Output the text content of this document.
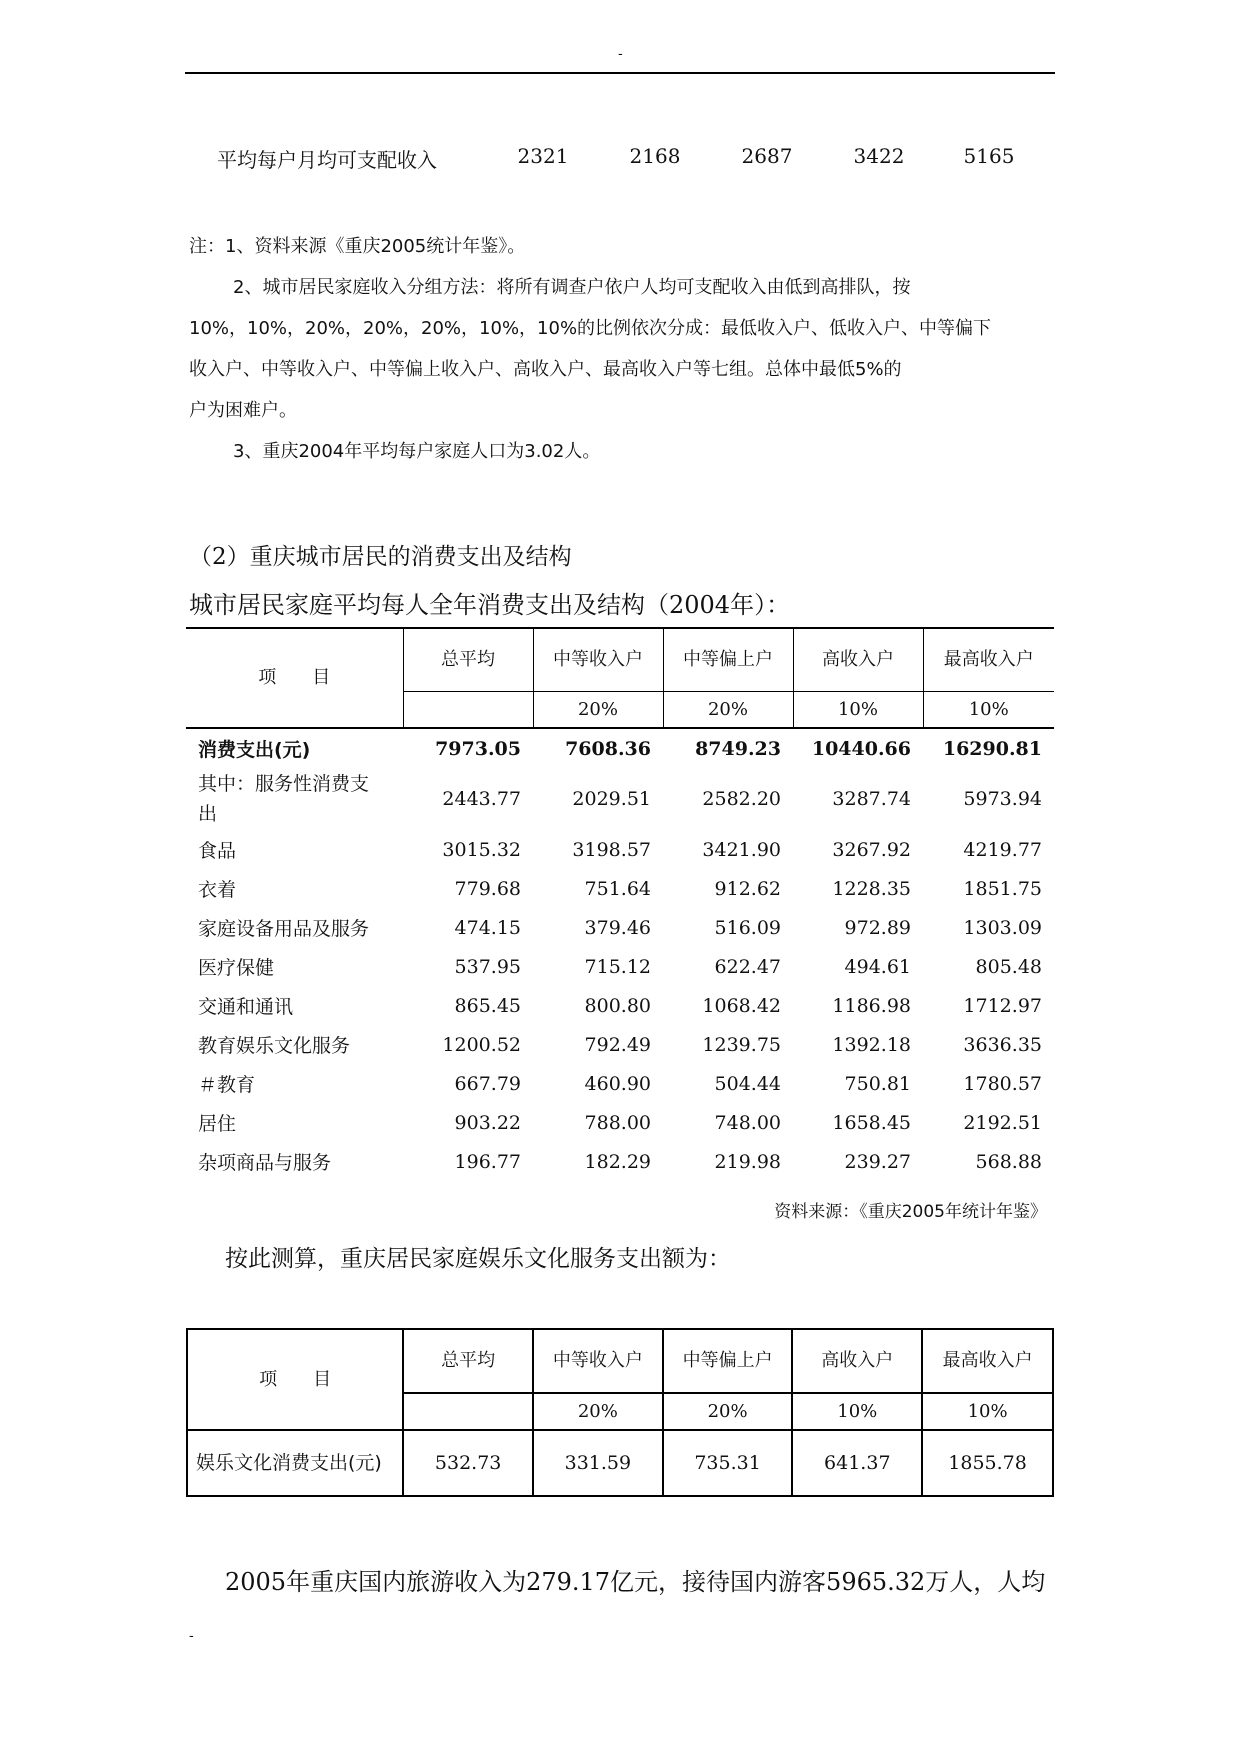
-
平均每户月均可支配收入	2321	2168	2687	3422	5165

注：1、资料来源《重庆2005统计年鉴》。

2、城市居民家庭收入分组方法：将所有调查户依户人均可支配收入由低到高排队，按

10%，10%，20%，20%，20%，10%，10%的比例依次分成：最低收入户、低收入户、中等偏下

收入户、中等收入户、中等偏上收入户、高收入户、最高收入户等七组。总体中最低5%的

户为困难户。

3、重庆2004年平均每户家庭人口为3.02人。

（2）重庆城市居民的消费支出及结构
城市居民家庭平均每人全年消费支出及结构（2004年）：
项　　目	总平均	中等收入户	中等偏上户	高收入户	最高收入户
		20%	20%	10%	10%
消费支出(元)	7973.05	7608.36	8749.23	10440.66	16290.81
其中：服务性消费支出	2443.77	2029.51	2582.20	3287.74	5973.94
食品	3015.32	3198.57	3421.90	3267.92	4219.77
衣着	779.68	751.64	912.62	1228.35	1851.75
家庭设备用品及服务	474.15	379.46	516.09	972.89	1303.09
医疗保健	537.95	715.12	622.47	494.61	805.48
交通和通讯	865.45	800.80	1068.42	1186.98	1712.97
教育娱乐文化服务	1200.52	792.49	1239.75	1392.18	3636.35
＃教育	667.79	460.90	504.44	750.81	1780.57
居住	903.22	788.00	748.00	1658.45	2192.51
杂项商品与服务	196.77	182.29	219.98	239.27	568.88
资料来源：《重庆2005年统计年鉴》
按此测算，重庆居民家庭娱乐文化服务支出额为：
项　　目	总平均	中等收入户	中等偏上户	高收入户	最高收入户
		20%	20%	10%	10%
娱乐文化消费支出(元)	532.73	331.59	735.31	641.37	1855.78
2005年重庆国内旅游收入为279.17亿元，接待国内游客5965.32万人，人均
-
